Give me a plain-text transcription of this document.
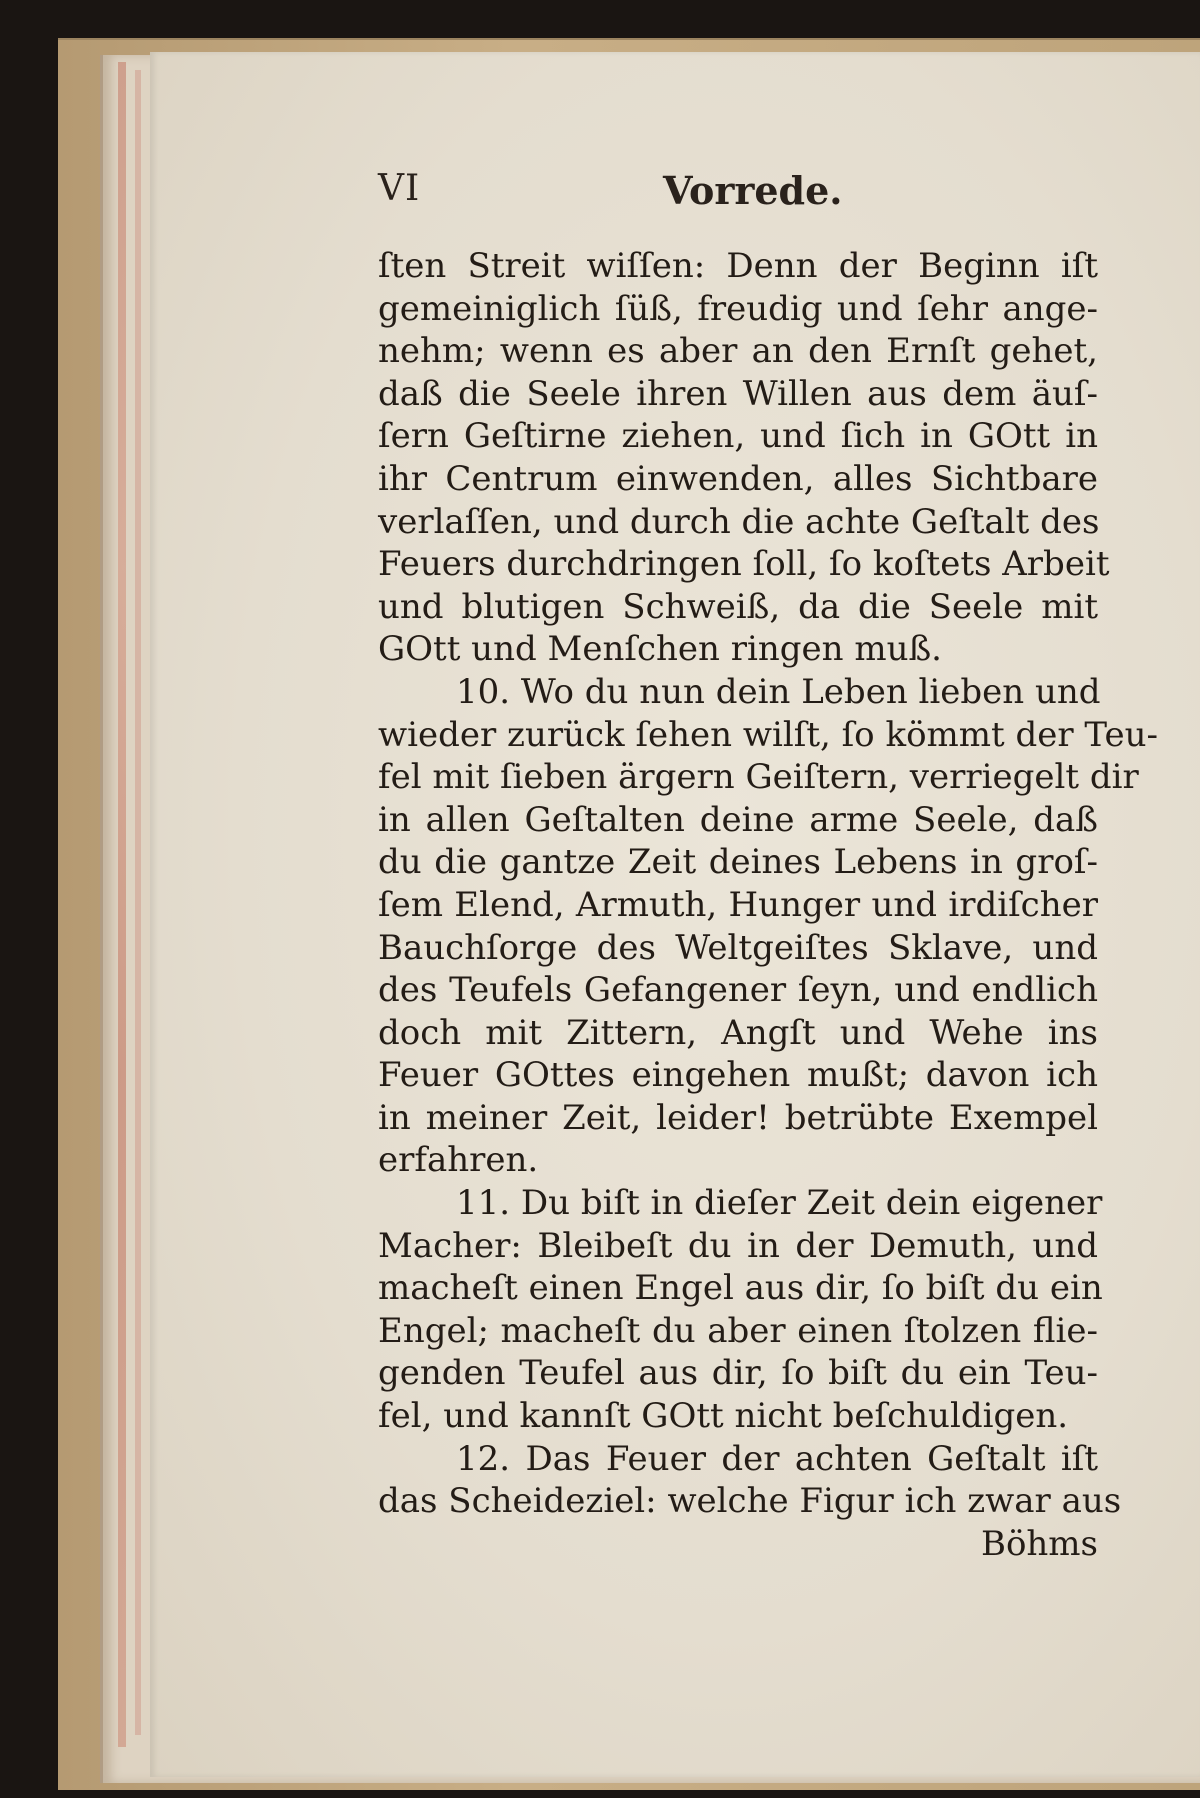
VI	Vorrede.
ſten Streit wiſſen: Denn der Beginn iſt
gemeiniglich ſüß, freudig und ſehr ange-
nehm; wenn es aber an den Ernſt gehet,
daß die Seele ihren Willen aus dem äuſ-
ſern Geſtirne ziehen, und ſich in GOtt in
ihr Centrum einwenden, alles Sichtbare
verlaſſen, und durch die achte Geſtalt des
Feuers durchdringen ſoll, ſo koſtets Arbeit
und blutigen Schweiß, da die Seele mit
GOtt und Menſchen ringen muß.
10. Wo du nun dein Leben lieben und
wieder zurück ſehen wilſt, ſo kömmt der Teu-
fel mit ſieben ärgern Geiſtern, verriegelt dir
in allen Geſtalten deine arme Seele, daß
du die gantze Zeit deines Lebens in groſ-
ſem Elend, Armuth, Hunger und irdiſcher
Bauchſorge des Weltgeiſtes Sklave, und
des Teufels Gefangener ſeyn, und endlich
doch mit Zittern, Angſt und Wehe ins
Feuer GOttes eingehen mußt; davon ich
in meiner Zeit, leider! betrübte Exempel
erfahren.
11. Du biſt in dieſer Zeit dein eigener
Macher: Bleibeſt du in der Demuth, und
macheſt einen Engel aus dir, ſo biſt du ein
Engel; macheſt du aber einen ſtolzen flie-
genden Teufel aus dir, ſo biſt du ein Teu-
fel, und kannſt GOtt nicht beſchuldigen.
12. Das Feuer der achten Geſtalt iſt
das Scheideziel: welche Figur ich zwar aus
Böhms
